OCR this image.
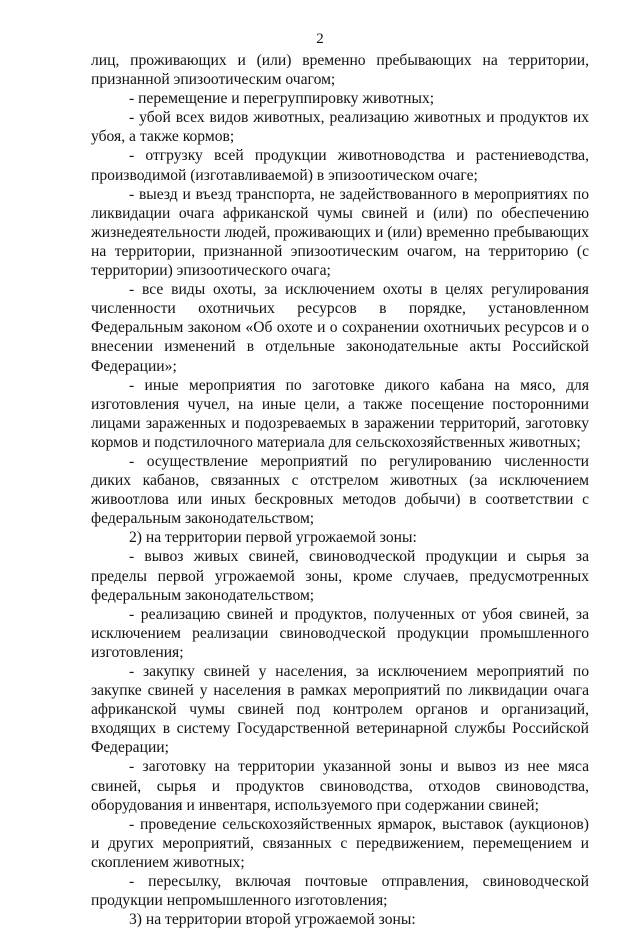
2

лиц, проживающих и (или) временно пребывающих на территории, признанной эпизоотическим очагом;

- перемещение и перегруппировку животных;

- убой всех видов животных, реализацию животных и продуктов их убоя, а также кормов;

- отгрузку всей продукции животноводства и растениеводства, производимой (изготавливаемой) в эпизоотическом очаге;

- выезд и въезд транспорта, не задействованного в мероприятиях по ликвидации очага африканской чумы свиней и (или) по обеспечению жизнедеятельности людей, проживающих и (или) временно пребывающих на территории, признанной эпизоотическим очагом, на территорию (с территории) эпизоотического очага;

- все виды охоты, за исключением охоты в целях регулирования численности охотничьих ресурсов в порядке, установленном Федеральным законом «Об охоте и о сохранении охотничьих ресурсов и о внесении изменений в отдельные законодательные акты Российской Федерации»;

- иные мероприятия по заготовке дикого кабана на мясо, для изготовления чучел, на иные цели, а также посещение посторонними лицами зараженных и подозреваемых в заражении территорий, заготовку кормов и подстилочного материала для сельскохозяйственных животных;

- осуществление мероприятий по регулированию численности диких кабанов, связанных с отстрелом животных (за исключением живоотлова или иных бескровных методов добычи) в соответствии с федеральным законодательством;

2) на территории первой угрожаемой зоны:

- вывоз живых свиней, свиноводческой продукции и сырья за пределы первой угрожаемой зоны, кроме случаев, предусмотренных федеральным законодательством;

- реализацию свиней и продуктов, полученных от убоя свиней, за исключением реализации свиноводческой продукции промышленного изготовления;

- закупку свиней у населения, за исключением мероприятий по закупке свиней у населения в рамках мероприятий по ликвидации очага африканской чумы свиней под контролем органов и организаций, входящих в систему Государственной ветеринарной службы Российской Федерации;

- заготовку на территории указанной зоны и вывоз из нее мяса свиней, сырья и продуктов свиноводства, отходов свиноводства, оборудования и инвентаря, используемого при содержании свиней;

- проведение сельскохозяйственных ярмарок, выставок (аукционов) и других мероприятий, связанных с передвижением, перемещением и скоплением животных;

- пересылку, включая почтовые отправления, свиноводческой продукции непромышленного изготовления;

3) на территории второй угрожаемой зоны:
